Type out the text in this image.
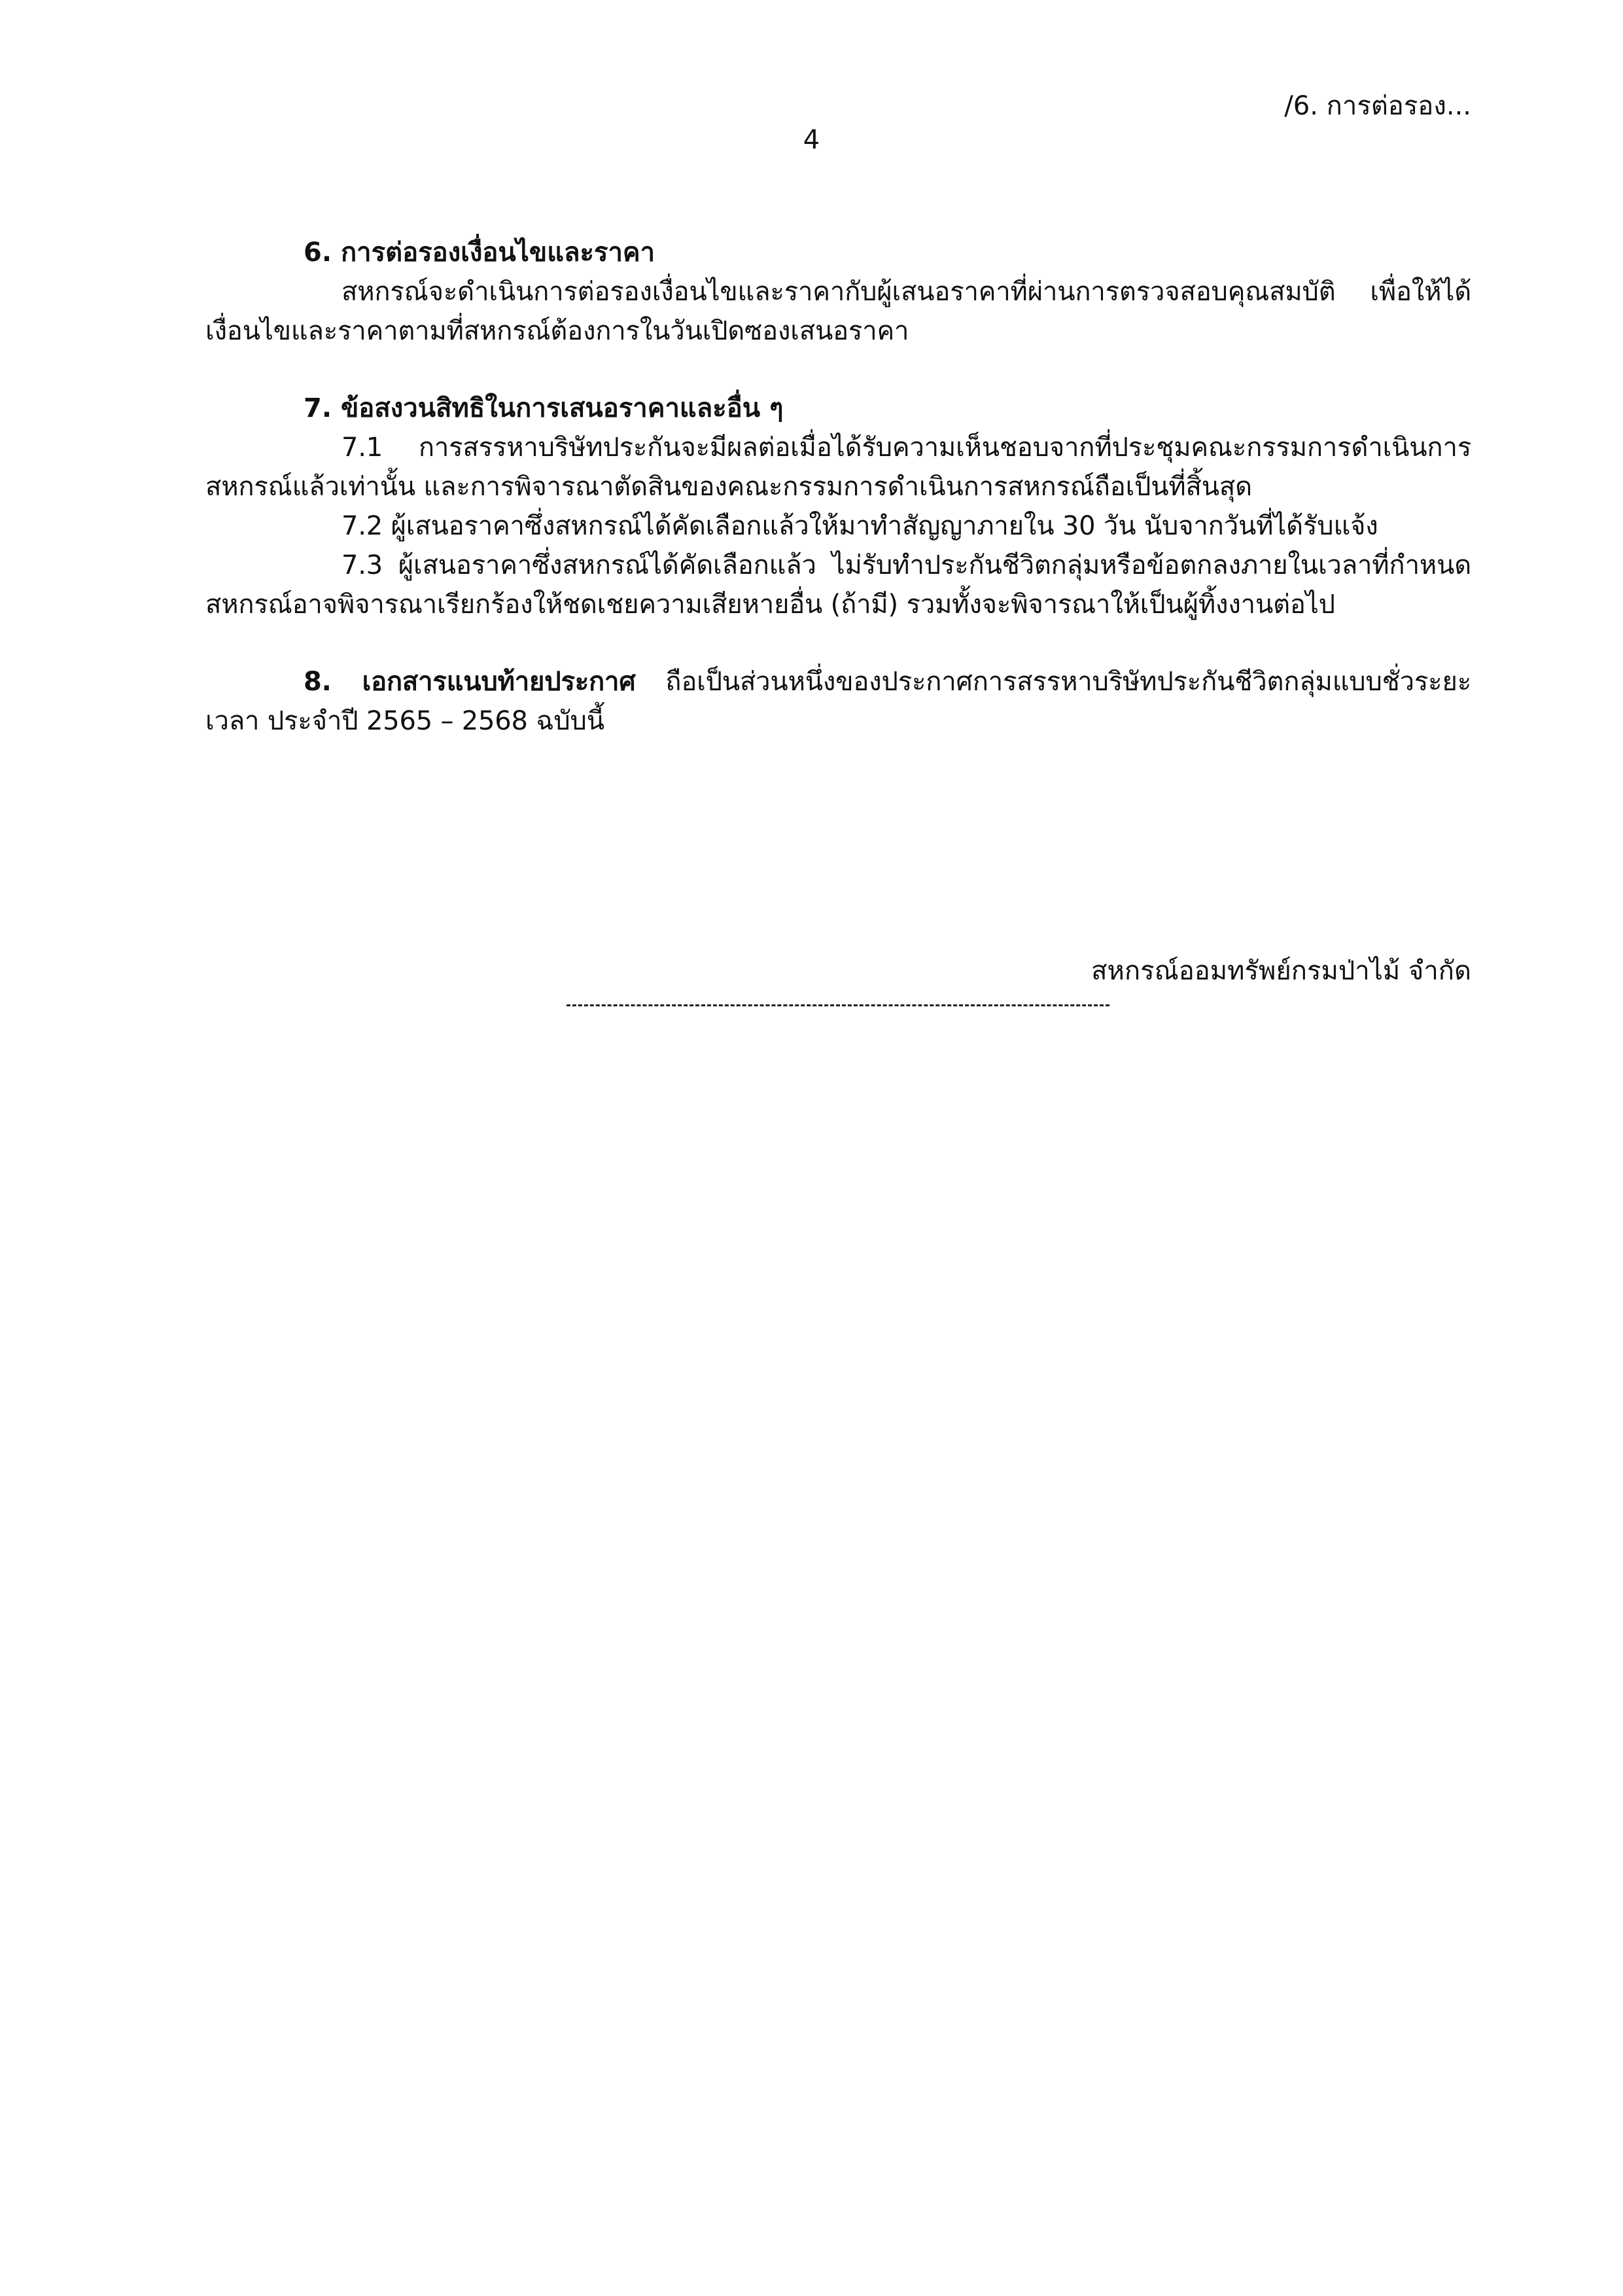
/6. การต่อรอง...
4

6. การต่อรองเงื่อนไขและราคา

สหกรณ์จะดำเนินการต่อรองเงื่อนไขและราคากับผู้เสนอราคาที่ผ่านการตรวจสอบคุณสมบัติ เพื่อให้ได้เงื่อนไขและราคาตามที่สหกรณ์ต้องการในวันเปิดซองเสนอราคา

7. ข้อสงวนสิทธิในการเสนอราคาและอื่น ๆ

7.1 การสรรหาบริษัทประกันจะมีผลต่อเมื่อได้รับความเห็นชอบจากที่ประชุมคณะกรรมการดำเนินการสหกรณ์แล้วเท่านั้น และการพิจารณาตัดสินของคณะกรรมการดำเนินการสหกรณ์ถือเป็นที่สิ้นสุด

7.2 ผู้เสนอราคาซึ่งสหกรณ์ได้คัดเลือกแล้วให้มาทำสัญญาภายใน 30 วัน นับจากวันที่ได้รับแจ้ง

7.3 ผู้เสนอราคาซึ่งสหกรณ์ได้คัดเลือกแล้ว ไม่รับทำประกันชีวิตกลุ่มหรือข้อตกลงภายในเวลาที่กำหนด สหกรณ์อาจพิจารณาเรียกร้องให้ชดเชยความเสียหายอื่น (ถ้ามี) รวมทั้งจะพิจารณาให้เป็นผู้ทิ้งงานต่อไป

8. เอกสารแนบท้ายประกาศ ถือเป็นส่วนหนึ่งของประกาศการสรรหาบริษัทประกันชีวิตกลุ่มแบบชั่วระยะเวลา ประจำปี 2565 – 2568 ฉบับนี้

สหกรณ์ออมทรัพย์กรมป่าไม้ จำกัด
